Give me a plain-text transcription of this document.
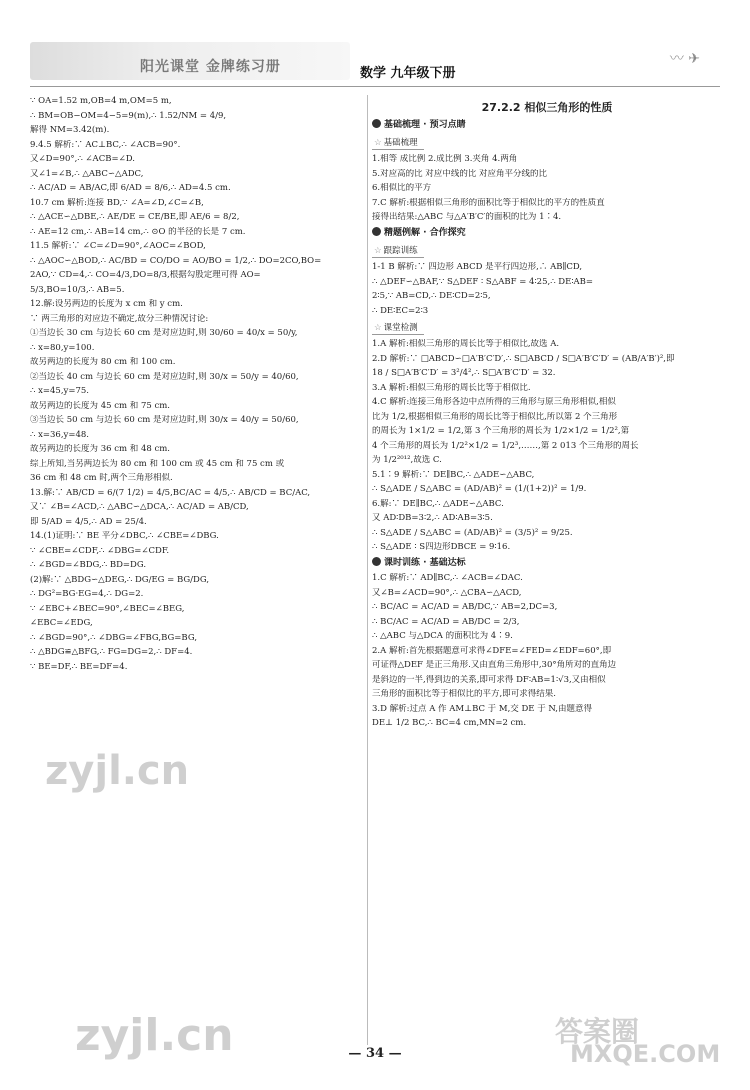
阳光课堂 金牌练习册	数学 九年级下册
〰 ✈
∵ OA=1.52 m,OB=4 m,OM=5 m,
∴ BM=OB−OM=4−5=9(m),∴ 1.52/NM = 4/9,
解得 NM=3.42(m).
9.4.5 解析:∵ AC⊥BC,∴ ∠ACB=90°.
又∠D=90°,∴ ∠ACB=∠D.
又∠1=∠B,∴ △ABC∽△ADC,
∴ AC/AD = AB/AC,即 6/AD = 8/6,∴ AD=4.5 cm.
10.7 cm 解析:连接 BD,∵ ∠A=∠D,∠C=∠B,
∴ △ACE∽△DBE,∴ AE/DE = CE/BE,即 AE/6 = 8/2,
∴ AE=12 cm,∴ AB=14 cm,∴ ⊙O 的半径的长是 7 cm.
11.5 解析:∵ ∠C=∠D=90°,∠AOC=∠BOD,
∴ △AOC∽△BOD,∴ AC/BD = CO/DO = AO/BO = 1/2,∴ DO=2CO,BO=
2AO,∵ CD=4,∴ CO=4/3,DO=8/3,根据勾股定理可得 AO=
5/3,BO=10/3,∴ AB=5.
12.解:设另两边的长度为 x cm 和 y cm.
∵ 两三角形的对应边不确定,故分三种情况讨论:
①当边长 30 cm 与边长 60 cm 是对应边时,则 30/60 = 40/x = 50/y,
∴ x=80,y=100.
故另两边的长度为 80 cm 和 100 cm.
②当边长 40 cm 与边长 60 cm 是对应边时,则 30/x = 50/y = 40/60,
∴ x=45,y=75.
故另两边的长度为 45 cm 和 75 cm.
③当边长 50 cm 与边长 60 cm 是对应边时,则 30/x = 40/y = 50/60,
∴ x=36,y=48.
故另两边的长度为 36 cm 和 48 cm.
综上所知,当另两边长为 80 cm 和 100 cm 或 45 cm 和 75 cm 或
36 cm 和 48 cm 时,两个三角形相似.
13.解:∵ AB/CD = 6/(7 1/2) = 4/5,BC/AC = 4/5,∴ AB/CD = BC/AC,
又∵ ∠B=∠ACD,∴ △ABC∽△DCA,∴ AC/AD = AB/CD,
即 5/AD = 4/5,∴ AD = 25/4.
14.(1)证明:∵ BE 平分∠DBC,∴ ∠CBE=∠DBG.
∵ ∠CBE=∠CDF,∴ ∠DBG=∠CDF.
∴ ∠BGD=∠BDG,∴ BD=DG.
(2)解:∵ △BDG∽△DEG,∴ DG/EG = BG/DG,
∴ DG²=BG·EG=4,∴ DG=2.
∵ ∠EBC+∠BEC=90°,∠BEC=∠BEG,
∠EBC=∠EDG,
∴ ∠BGD=90°,∴ ∠DBG=∠FBG,BG=BG,
∴ △BDG≌△BFG,∴ FG=DG=2,∴ DF=4.
∵ BE=DF,∴ BE=DF=4.
27.2.2 相似三角形的性质
基础梳理 · 预习点睛
☆ 基础梳理
1.相等 成比例 2.成比例 3.夹角 4.两角
5.对应高的比 对应中线的比 对应角平分线的比
6.相似比的平方
7.C 解析:根据相似三角形的面积比等于相似比的平方的性质直
接得出结果:△ABC 与△A′B′C′的面积的比为 1∶4.
精题例解 · 合作探究
☆ 跟踪训练
1-1 B 解析:∵ 四边形 ABCD 是平行四边形,∴ AB∥CD,
∴ △DEF∽△BAF,∵ S△DEF ∶ S△ABF = 4∶25,∴ DE∶AB=
2∶5,∵ AB=CD,∴ DE∶CD=2∶5,
∴ DE∶EC=2∶3
☆ 课堂检测
1.A 解析:相似三角形的周长比等于相似比,故选 A.
2.D 解析:∵ □ABCD∽□A′B′C′D′,∴ S□ABCD / S□A′B′C′D′ = (AB/A′B′)²,即
18 / S□A′B′C′D′ = 3²/4²,∴ S□A′B′C′D′ = 32.
3.A 解析:相似三角形的周长比等于相似比.
4.C 解析:连接三角形各边中点所得的三角形与原三角形相似,相似
比为 1/2,根据相似三角形的周长比等于相似比,所以第 2 个三角形
的周长为 1×1/2 = 1/2,第 3 个三角形的周长为 1/2×1/2 = 1/2²,第
4 个三角形的周长为 1/2²×1/2 = 1/2³,……,第 2 013 个三角形的周长
为 1/2²⁰¹²,故选 C.
5.1∶9 解析:∵ DE∥BC,∴ △ADE∽△ABC,
∴ S△ADE / S△ABC = (AD/AB)² = (1/(1+2))² = 1/9.
6.解:∵ DE∥BC,∴ △ADE∽△ABC.
又 AD∶DB=3∶2,∴ AD∶AB=3∶5.
∴ S△ADE / S△ABC = (AD/AB)² = (3/5)² = 9/25.
∴ S△ADE ∶ S四边形DBCE = 9∶16.
课时训练 · 基础达标
1.C 解析:∵ AD∥BC,∴ ∠ACB=∠DAC.
又∠B=∠ACD=90°,∴ △CBA∽△ACD,
∴ BC/AC = AC/AD = AB/DC,∵ AB=2,DC=3,
∴ BC/AC = AC/AD = AB/DC = 2/3,
∴ △ABC 与△DCA 的面积比为 4∶9.
2.A 解析:首先根据题意可求得∠DFE=∠FED=∠EDF=60°,即
可证得△DEF 是正三角形.又由直角三角形中,30°角所对的直角边
是斜边的一半,得到边的关系,即可求得 DF∶AB=1∶√3,又由相似
三角形的面积比等于相似比的平方,即可求得结果.
3.D 解析:过点 A 作 AM⊥BC 于 M,交 DE 于 N,由题意得
DE⊥ 1/2 BC,∴ BC=4 cm,MN=2 cm.
— 34 —
zyjl.cn
zyjl.cn	答案圈
MXQE.COM
